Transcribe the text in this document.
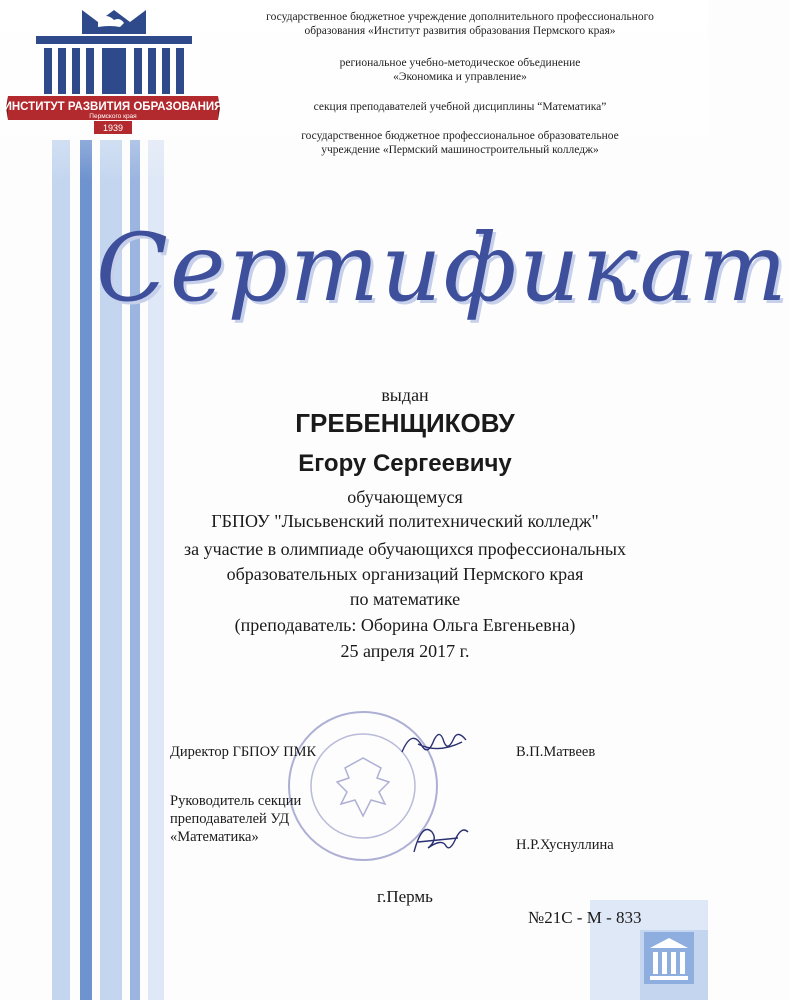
ИНСТИТУТ РАЗВИТИЯ ОБРАЗОВАНИЯ
Пермского края
1939
государственное бюджетное учреждение дополнительного профессионального
образования «Институт развития образования Пермского края»
региональное учебно-методическое объединение
«Экономика и управление»
секция преподавателей учебной дисциплины “Математика”
государственное бюджетное профессиональное образовательное
учреждение «Пермский машиностроительный колледж»
Сертификат
выдан
ГРЕБЕНЩИКОВУ
Егору Сергеевичу
обучающемуся
ГБПОУ "Лысьвенский политехнический колледж"
за участие в олимпиаде обучающихся профессиональных
образовательных организаций Пермского края
по математике
(преподаватель: Оборина Ольга Евгеньевна)
25 апреля 2017 г.
Директор ГБПОУ ПМК	В.П.Матвеев
Руководитель секции
преподавателей УД
«Математика»	Н.Р.Хуснуллина
г.Пермь
№21С - М - 833
